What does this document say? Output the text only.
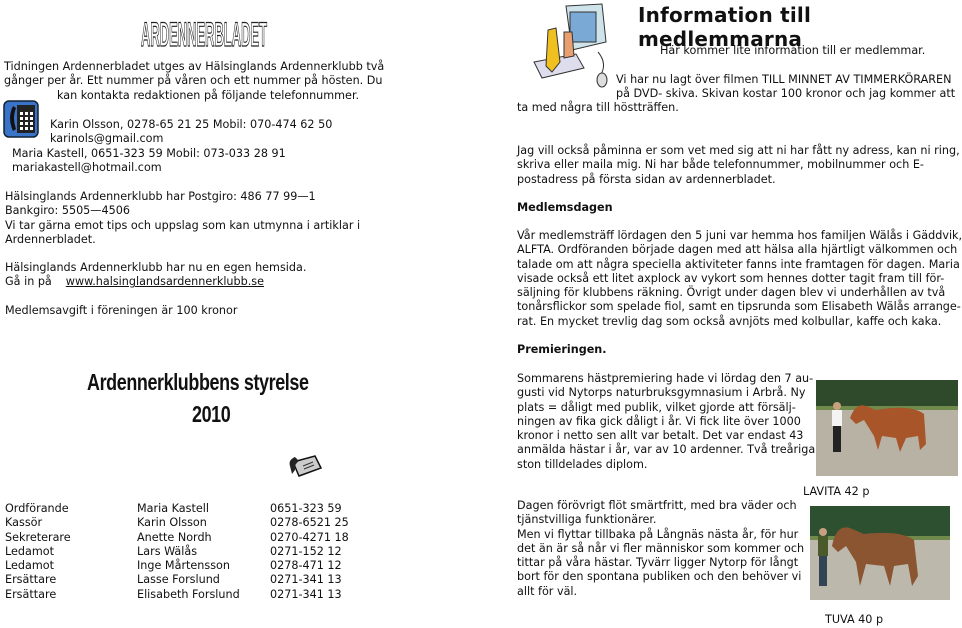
ARDENNERBLADET
Tidningen Ardennerbladet utges av Hälsinglands Ardennerklubb två
gånger per år. Ett nummer på våren och ett nummer på hösten. Du
kan kontakta redaktionen på följande telefonnummer.
Karin Olsson, 0278-65 21 25 Mobil: 070-474 62 50
karinols@gmail.com
Maria Kastell, 0651-323 59 Mobil: 073-033 28 91
mariakastell@hotmail.com
Hälsinglands Ardennerklubb har Postgiro: 486 77 99—1
Bankgiro: 5505—4506
Vi tar gärna emot tips och uppslag som kan utmynna i artiklar i
Ardennerbladet.
Hälsinglands Ardennerklubb har nu en egen hemsida.
Gå in på www.halsinglandsardennerklubb.se
Medlemsavgift i föreningen är 100 kronor
Ardennerklubbens styrelse
2010
Ordförande	Maria Kastell	0651-323 59
Kassör	Karin Olsson	0278-6521 25
Sekreterare	Anette Nordh	0270-4271 18
Ledamot	Lars Wälås	0271-152 12
Ledamot	Inge Mårtensson	0278-471 12
Ersättare	Lasse Forslund	0271-341 13
Ersättare	Elisabeth Forslund	0271-341 13
Information till medlemmarna
Här kommer lite information till er medlemmar.
Vi har nu lagt över filmen TILL MINNET AV TIMMERKÖRAREN
på DVD- skiva. Skivan kostar 100 kronor och jag kommer att
ta med några till höstträffen.
Jag vill också påminna er som vet med sig att ni har fått ny adress, kan ni ring,
skriva eller maila mig. Ni har både telefonnummer, mobilnummer och E-
postadress på första sidan av ardennerbladet.
Medlemsdagen
Vår medlemsträff lördagen den 5 juni var hemma hos familjen Wälås i Gäddvik,
ALFTA. Ordföranden började dagen med att hälsa alla hjärtligt välkommen och
talade om att några speciella aktiviteter fanns inte framtagen för dagen. Maria
visade också ett litet axplock av vykort som hennes dotter tagit fram till för-
säljning för klubbens räkning. Övrigt under dagen blev vi underhållen av två
tonårsflickor som spelade fiol, samt en tipsrunda som Elisabeth Wälås arrange-
rat. En mycket trevlig dag som också avnjöts med kolbullar, kaffe och kaka.
Premieringen.
Sommarens hästpremiering hade vi lördag den 7 au-
gusti vid Nytorps naturbruksgymnasium i Arbrå. Ny
plats = dåligt med publik, vilket gjorde att försälj-
ningen av fika gick dåligt i år. Vi fick lite över 1000
kronor i netto sen allt var betalt. Det var endast 43
anmälda hästar i år, var av 10 ardenner. Två treåriga
ston tilldelades diplom.
Dagen förövrigt flöt smärtfritt, med bra väder och
tjänstvilliga funktionärer.
Men vi flyttar tillbaka på Långnäs nästa år, för hur
det än är så når vi fler människor som kommer och
tittar på våra hästar. Tyvärr ligger Nytorp för långt
bort för den spontana publiken och den behöver vi
allt för väl.
LAVITA 42 p
TUVA 40 p
